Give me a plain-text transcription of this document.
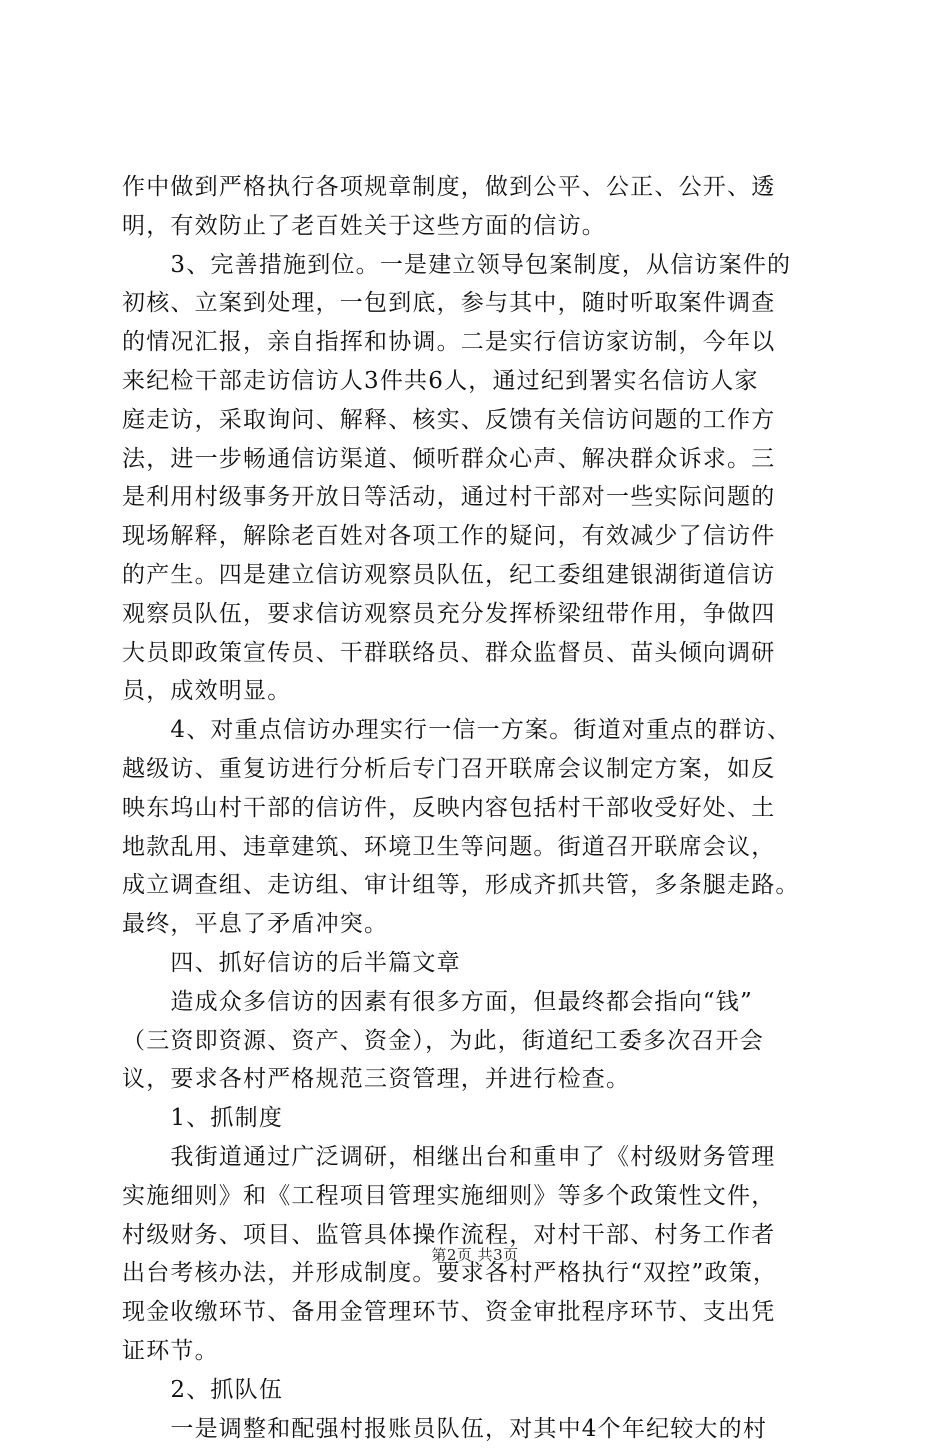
作中做到严格执行各项规章制度，做到公平、公正、公开、透
明，有效防止了老百姓关于这些方面的信访。
　　3、完善措施到位。一是建立领导包案制度，从信访案件的
初核、立案到处理，一包到底，参与其中，随时听取案件调查
的情况汇报，亲自指挥和协调。二是实行信访家访制，今年以
来纪检干部走访信访人3件共6人，通过纪到署实名信访人家
庭走访，采取询问、解释、核实、反馈有关信访问题的工作方
法，进一步畅通信访渠道、倾听群众心声、解决群众诉求。三
是利用村级事务开放日等活动，通过村干部对一些实际问题的
现场解释，解除老百姓对各项工作的疑问，有效减少了信访件
的产生。四是建立信访观察员队伍，纪工委组建银湖街道信访
观察员队伍，要求信访观察员充分发挥桥梁纽带作用，争做四
大员即政策宣传员、干群联络员、群众监督员、苗头倾向调研
员，成效明显。
　　4、对重点信访办理实行一信一方案。街道对重点的群访、
越级访、重复访进行分析后专门召开联席会议制定方案，如反
映东坞山村干部的信访件，反映内容包括村干部收受好处、土
地款乱用、违章建筑、环境卫生等问题。街道召开联席会议，
成立调查组、走访组、审计组等，形成齐抓共管，多条腿走路。
最终，平息了矛盾冲突。
　　四、抓好信访的后半篇文章
　　造成众多信访的因素有很多方面，但最终都会指向“钱”
（三资即资源、资产、资金），为此，街道纪工委多次召开会
议，要求各村严格规范三资管理，并进行检查。
　　1、抓制度
　　我街道通过广泛调研，相继出台和重申了《村级财务管理
实施细则》和《工程项目管理实施细则》等多个政策性文件，
村级财务、项目、监管具体操作流程，对村干部、村务工作者
出台考核办法，并形成制度。要求各村严格执行“双控”政策，
现金收缴环节、备用金管理环节、资金审批程序环节、支出凭
证环节。
　　2、抓队伍
　　一是调整和配强村报账员队伍，对其中4个年纪较大的村
第2页 共3页
